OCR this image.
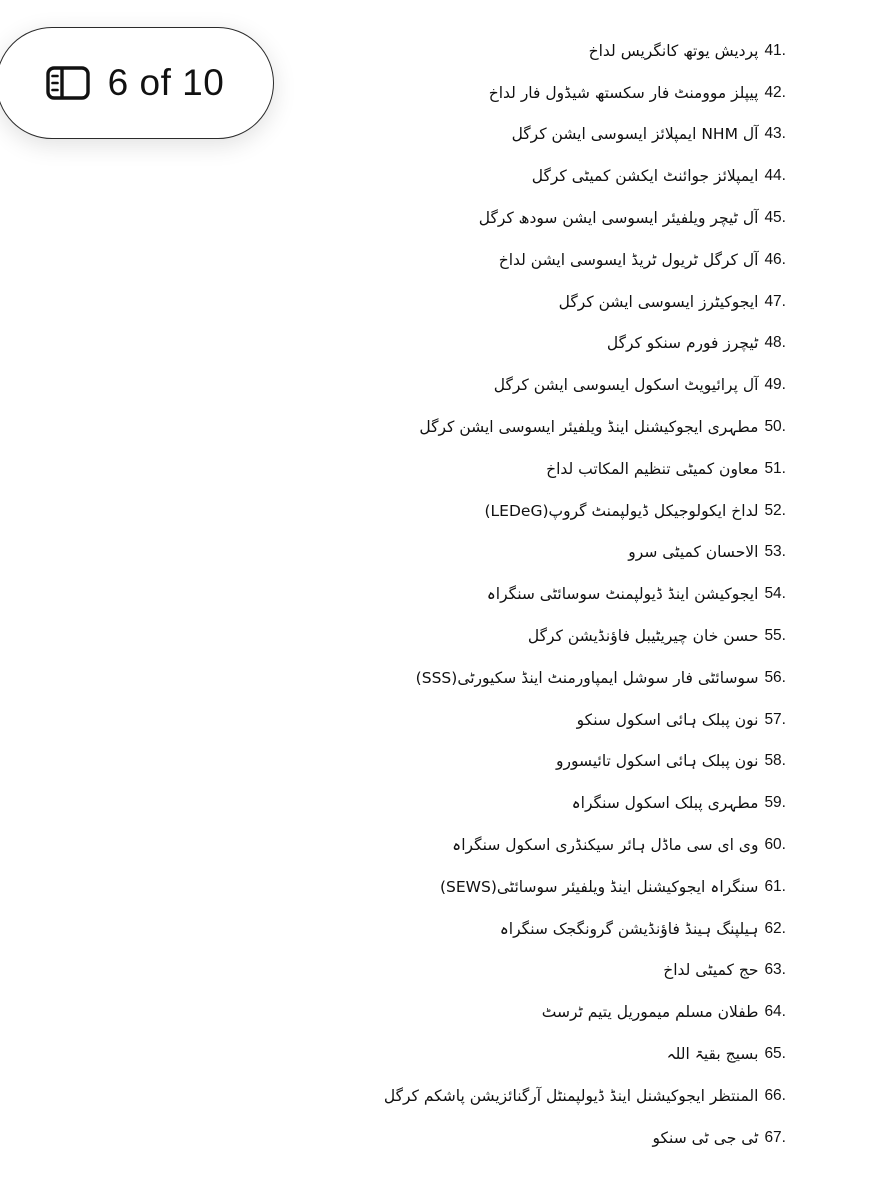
6 of 10
پردیش یوتھ کانگریس لداخ 41.
پیپلز موومنٹ فار سکستھ شیڈول فار لداخ 42.
آل NHM ایمپلائز ایسوسی ایشن کرگل 43.
ایمپلائز جوائنٹ ایکشن کمیٹی کرگل 44.
آل ٹیچر ویلفیئر ایسوسی ایشن سودھ کرگل 45.
آل کرگل ٹریول ٹریڈ ایسوسی ایشن لداخ 46.
ایجوکیٹرز ایسوسی ایشن کرگل 47.
ٹیچرز فورم سنکو کرگل 48.
آل پرائیویٹ اسکول ایسوسی ایشن کرگل 49.
مطہری ایجوکیشنل اینڈ ویلفیئر ایسوسی ایشن کرگل 50.
معاون کمیٹی تنظیم المکاتب لداخ 51.
لداخ ایکولوجیکل ڈیولپمنٹ گروپ(LEDeG) 52.
الاحسان کمیٹی سرو 53.
ایجوکیشن اینڈ ڈیولپمنٹ سوسائٹی سنگراہ 54.
حسن خان چیریٹیبل فاؤنڈیشن کرگل 55.
سوسائٹی فار سوشل ایمپاورمنٹ اینڈ سکیورٹی(SSS) 56.
نون پبلک ہائی اسکول سنکو 57.
نون پبلک ہائی اسکول تائیسورو 58.
مطہری پبلک اسکول سنگراہ 59.
وی ای سی ماڈل ہائر سیکنڈری اسکول سنگراہ 60.
سنگراہ ایجوکیشنل اینڈ ویلفیئر سوسائٹی(SEWS) 61.
ہیلپنگ ہینڈ فاؤنڈیشن گرونگجک سنگراہ 62.
حج کمیٹی لداخ 63.
طفلان مسلم میموریل یتیم ٹرسٹ 64.
بسیج بقیۃ اللہ 65.
المنتظر ایجوکیشنل اینڈ ڈیولپمنٹل آرگنائزیشن پاشکم کرگل 66.
ٹی جی ٹی سنکو 67.
